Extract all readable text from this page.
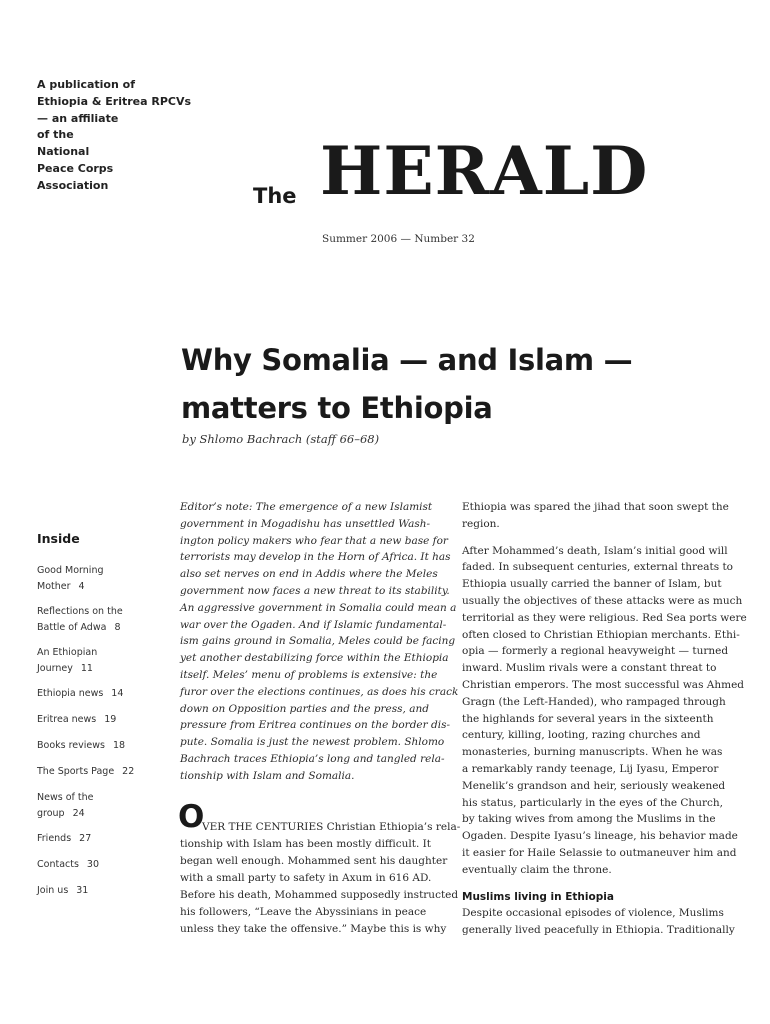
A publication of
Ethiopia & Eritrea RPCVs
— an affiliate
of the
National
Peace Corps
Association	The HERALD
Summer 2006 — Number 32
Why Somalia — and Islam —
matters to Ethiopia
by Shlomo Bachrach (staff 66–68)
Inside
Good Morning
Mother 4
Reflections on the
Battle of Adwa 8
An Ethiopian
Journey 11
Ethiopia news 14
Eritrea news 19
Books reviews 18
The Sports Page 22
News of the
group 24
Friends 27
Contacts 30
Join us 31
Editor’s note: The emergence of a new Islamist
government in Mogadishu has unsettled Wash-
ington policy makers who fear that a new base for
terrorists may develop in the Horn of Africa. It has
also set nerves on end in Addis where the Meles
government now faces a new threat to its stability.
An aggressive government in Somalia could mean a
war over the Ogaden. And if Islamic fundamental-
ism gains ground in Somalia, Meles could be facing
yet another destabilizing force within the Ethiopia
itself. Meles’ menu of problems is extensive: the
furor over the elections continues, as does his crack
down on Opposition parties and the press, and
pressure from Eritrea continues on the border dis-
pute. Somalia is just the newest problem. Shlomo
Bachrach traces Ethiopia’s long and tangled rela-
tionship with Islam and Somalia.
O
VER THE CENTURIES Christian Ethiopia’s rela-
tionship with Islam has been mostly difficult. It
began well enough. Mohammed sent his daughter
with a small party to safety in Axum in 616 AD.
Before his death, Mohammed supposedly instructed
his followers, “Leave the Abyssinians in peace
unless they take the offensive.” Maybe this is why
Ethiopia was spared the jihad that soon swept the
region.
After Mohammed’s death, Islam’s initial good will
faded. In subsequent centuries, external threats to
Ethiopia usually carried the banner of Islam, but
usually the objectives of these attacks were as much
territorial as they were religious. Red Sea ports were
often closed to Christian Ethiopian merchants. Ethi-
opia — formerly a regional heavyweight — turned
inward. Muslim rivals were a constant threat to
Christian emperors. The most successful was Ahmed
Gragn (the Left-Handed), who rampaged through
the highlands for several years in the sixteenth
century, killing, looting, razing churches and
monasteries, burning manuscripts. When he was
a remarkably randy teenage, Lij Iyasu, Emperor
Menelik’s grandson and heir, seriously weakened
his status, particularly in the eyes of the Church,
by taking wives from among the Muslims in the
Ogaden. Despite Iyasu’s lineage, his behavior made
it easier for Haile Selassie to outmaneuver him and
eventually claim the throne.
Muslims living in Ethiopia
Despite occasional episodes of violence, Muslims
generally lived peacefully in Ethiopia. Traditionally
